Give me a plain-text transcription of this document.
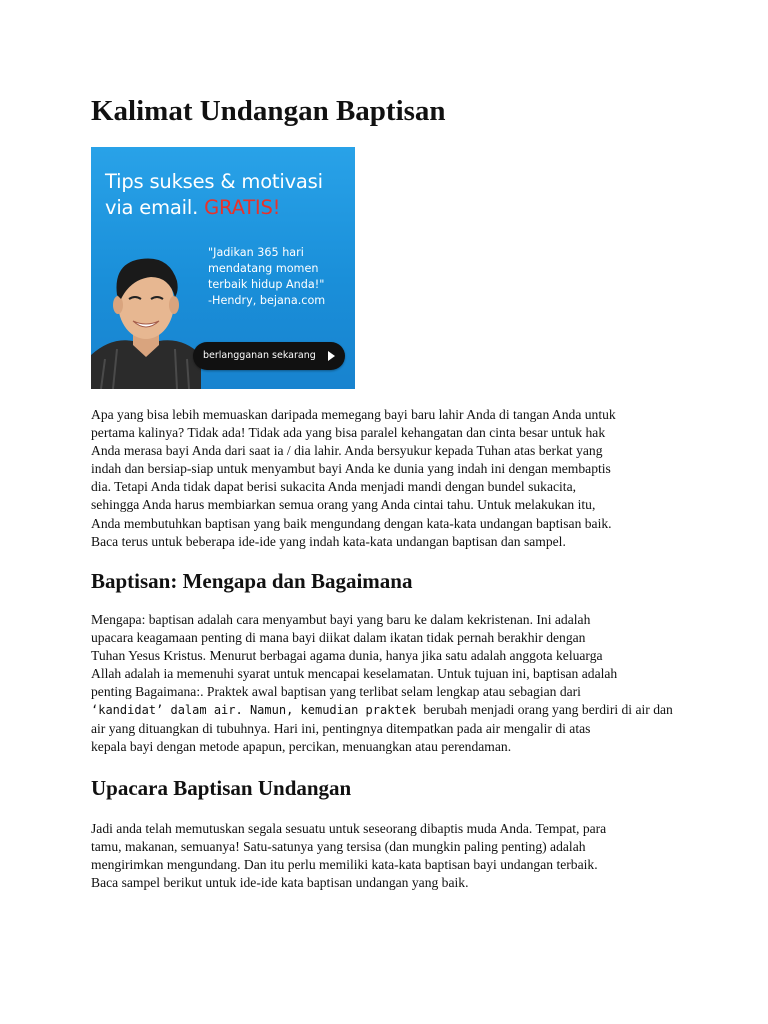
Kalimat Undangan Baptisan
Tips sukses & motivasi
via email. GRATIS!
"Jadikan 365 hari
mendatang momen
terbaik hidup Anda!"
-Hendry, bejana.com
berlangganan sekarang

Apa yang bisa lebih memuaskan daripada memegang bayi baru lahir Anda di tangan Anda untuk
pertama kalinya? Tidak ada! Tidak ada yang bisa paralel kehangatan dan cinta besar untuk hak
Anda merasa bayi Anda dari saat ia / dia lahir. Anda bersyukur kepada Tuhan atas berkat yang
indah dan bersiap-siap untuk menyambut bayi Anda ke dunia yang indah ini dengan membaptis
dia. Tetapi Anda tidak dapat berisi sukacita Anda menjadi mandi dengan bundel sukacita,
sehingga Anda harus membiarkan semua orang yang Anda cintai tahu. Untuk melakukan itu,
Anda membutuhkan baptisan yang baik mengundang dengan kata-kata undangan baptisan baik.
Baca terus untuk beberapa ide-ide yang indah kata-kata undangan baptisan dan sampel.

Baptisan: Mengapa dan Bagaimana

Mengapa: baptisan adalah cara menyambut bayi yang baru ke dalam kekristenan. Ini adalah
upacara keagamaan penting di mana bayi diikat dalam ikatan tidak pernah berakhir dengan
Tuhan Yesus Kristus. Menurut berbagai agama dunia, hanya jika satu adalah anggota keluarga
Allah adalah ia memenuhi syarat untuk mencapai keselamatan. Untuk tujuan ini, baptisan adalah
penting Bagaimana:. Praktek awal baptisan yang terlibat selam lengkap atau sebagian dari
‘kandidat’ dalam air. Namun, kemudian praktek berubah menjadi orang yang berdiri di air dan
air yang dituangkan di tubuhnya. Hari ini, pentingnya ditempatkan pada air mengalir di atas
kepala bayi dengan metode apapun, percikan, menuangkan atau perendaman.

Upacara Baptisan Undangan

Jadi anda telah memutuskan segala sesuatu untuk seseorang dibaptis muda Anda. Tempat, para
tamu, makanan, semuanya! Satu-satunya yang tersisa (dan mungkin paling penting) adalah
mengirimkan mengundang. Dan itu perlu memiliki kata-kata baptisan bayi undangan terbaik.
Baca sampel berikut untuk ide-ide kata baptisan undangan yang baik.
